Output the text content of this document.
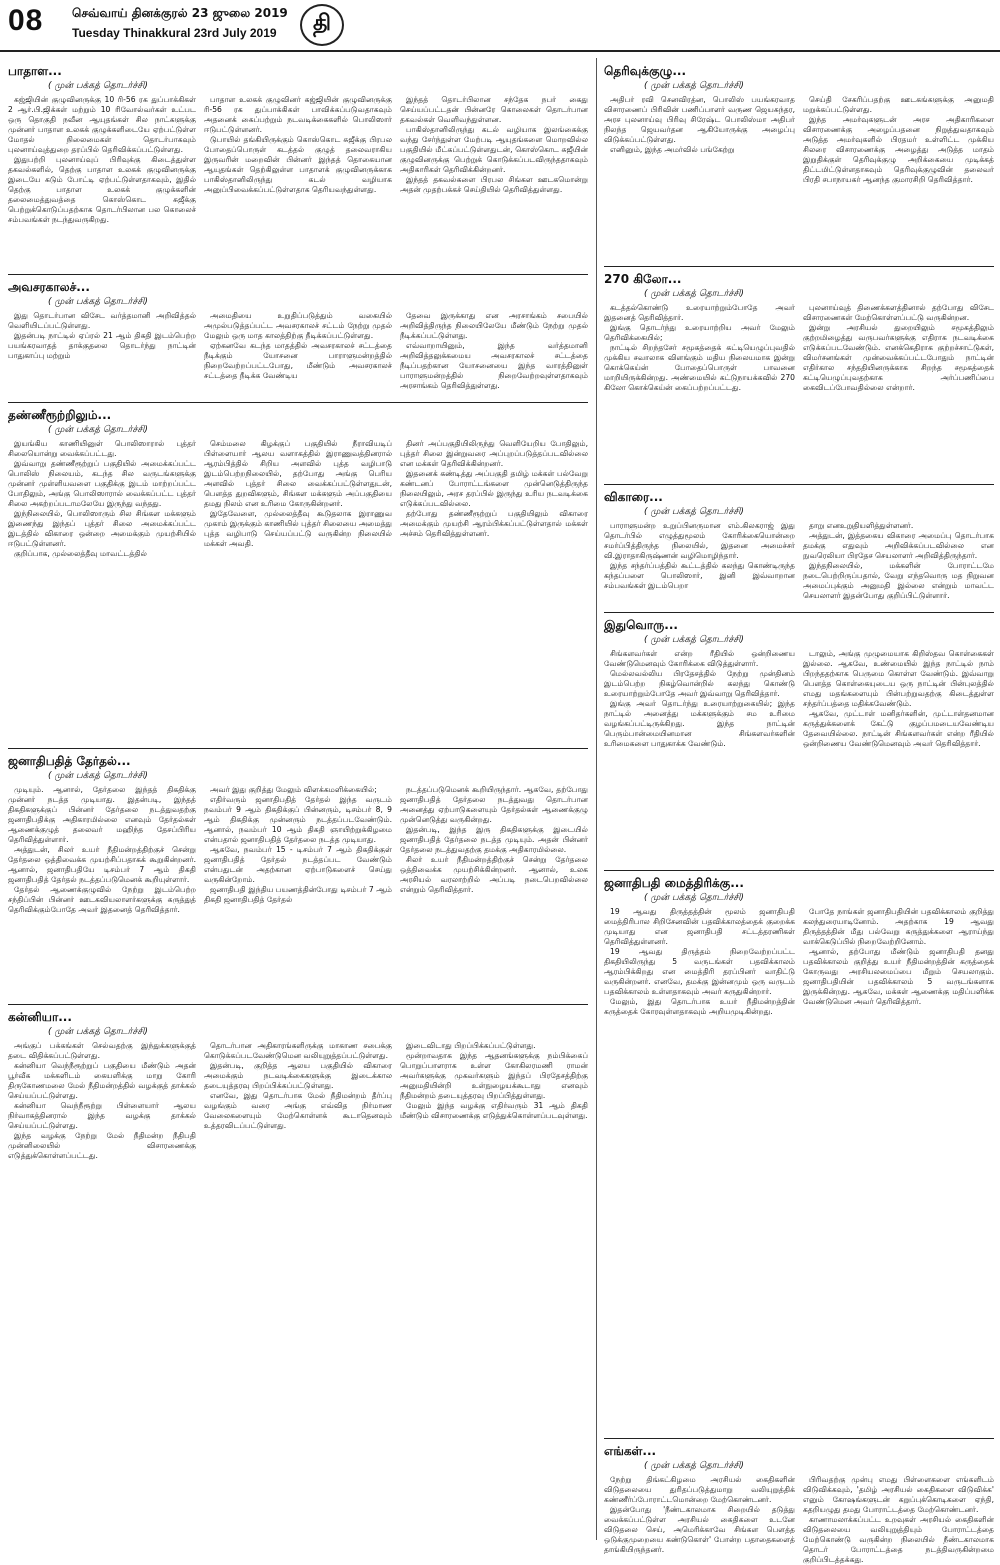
08 செவ்வாய் தினக்குரல் 23 ஜுலை 2019
Tuesday Thinakkural 23rd July 2019 தி
பாதாள...
( முன் பக்கத் தொடர்ச்சி)

கஜ்ஜியின் குழுவினருக்கு 10 ரி-56 ரக துப்பாக்கிகள் 2 ஆர்.பி.ஜிக்கள் மற்றும் 10 ரிவோல்வர்கள் உட்பட ஒரு தொகுதி நவீன ஆயுதங்கள் சில நாட்களுக்கு முன்னர் பாதாள உலகக் குழுக்களிடையே ஏற்பட்டுள்ள மோதல் நிலைமைகள் தொடர்பாகவும் புலனாய்வுத்துறை தரப்பில் தெரிவிக்கப்பட்டுள்ளது.

இதுபற்றி புலனாய்வுப் பிரிவுக்கு கிடைத்துள்ள தகவல்களில், தெற்கு பாதாள உலகக் குழுவினருக்கு இடையே கடும் போட்டி ஏற்பட்டுள்ளதாகவும், இதில் தெற்கு பாதாள உலகக் குழுக்களின் தலைமைத்துவத்தை கொஸ்கொட சுஜீக்கு பெற்றுக்கொடுப்பதற்காக தொடர்பிலான பல கொலைச் சம்பவங்கள் நடந்துவருகிறது.

பாதாள உலகக் குழுவினர் கஜ்ஜியின் குழுவினருக்கு ரி-56 ரக துப்பாக்கிகள் பாவிக்கப்படுவதாகவும் அதனைக் கைப்பற்றும் நடவடிக்கைகளில் பொலிஸார் ஈடுபட்டுள்ளனர்.

டுபாயில் தங்கியிருக்கும் கொஸ்கொட சுஜீக்கு பிரபல போதைப்பொருள் கடத்தல் குழுத் தலைவராகிய இருவரின் மறைவின் பின்னர் இந்தத் தொகையான ஆயுதங்கள் தெற்கிலுள்ள பாதாளக் குழுவினருக்காக பாகிஸ்தானிலிருந்து கடல் வழியாக அனுப்பிவைக்கப்பட்டுள்ளதாக தெரியவந்துள்ளது.

இந்தத் தொடர்பிலான சந்தேக நபர் கைது செய்யப்பட்டதன் பின்னரே கொலைகள் தொடர்பான தகவல்கள் வெளிவந்துள்ளன.

பாகிஸ்தானிலிருந்து கடல் வழியாக இலங்கைக்கு வந்து சேர்ந்துள்ள மேற்படி ஆயுதங்களை மொறவில்ல பகுதியில் மீட்கப்பட்டுள்ளதுடன், கொஸ்கொட சுஜீயின் குழுவினருக்கு பெற்றுக் கொடுக்கப்படவிருந்ததாகவும் அதிகாரிகள் தெரிவிக்கின்றனர்.

இந்தத் தகவல்களை பிரபல சிங்கள ஊடகமொன்று அதன் முதற்பக்கச் செய்தியில் தெரிவித்துள்ளது.

அவசரகாலச்...
( முன் பக்கத் தொடர்ச்சி)

இது தொடர்பான விசேட வர்த்தமானி அறிவித்தல் வெளியிடப்பட்டுள்ளது.

இதன்படி நாட்டில் ஏப்ரல் 21 ஆம் திகதி இடம்பெற்ற பயங்கரவாதத் தாக்குதலை தொடர்ந்து நாட்டின் பாதுகாப்பு மற்றும்

அமைதியை உறுதிப்படுத்தும் வகையில் அமுல்படுத்தப்பட்ட அவசரகாலச் சட்டம் நேற்று முதல் மேலும் ஒரு மாத காலத்திற்கு நீடிக்கப்பட்டுள்ளது.

ஏற்கனவே கடந்த மாதத்தில் அவசரகாலச் சட்டத்தை நீடிக்கும் யோசனை பாராளுமன்றத்தில் நிறைவேற்றப்பட்டபோது, மீண்டும் அவசரகாலச் சட்டத்தை நீடிக்க வேண்டிய

தேவை இருக்காது என அரசாங்கம் சபையில் அறிவித்திருந்த நிலையிலேயே மீண்டும் நேற்று முதல் நீடிக்கப்பட்டுள்ளது.

எவ்வாறாயினும், இந்த வர்த்தமானி அறிவித்தலுக்கமைய அவசரகாலச் சட்டத்தை நீடிப்பதற்கான யோசனையை இந்த வாரத்தினுள் பாராளுமன்றத்தில் நிறைவேற்றவுள்ளதாகவும் அரசாங்கம் தெரிவித்துள்ளது.

தண்ணீரூற்றிலும்...
( முன் பக்கத் தொடர்ச்சி)

இயங்கிய காணியினுள் பொலிஸாரால் புத்தர் சிலையொன்று வைக்கப்பட்டது.

இவ்வாறு தண்ணீரூற்றுப் பகுதியில் அமைக்கப்பட்ட பொலிஸ் நிலையம், கடந்த சில வருடங்களுக்கு முன்னர் முள்ளியவளை பகுதிக்கு இடம் மாற்றப்பட்ட போதிலும், அங்கு பொலிஸாரால் வைக்கப்பட்ட புத்தர் சிலை அகற்றப்படாமலேயே இருந்து வந்தது.

இந்நிலையில், பொலிஸாரும் சில சிங்கள மக்களும் இணைந்து இந்தப் புத்தர் சிலை அமைக்கப்பட்ட இடத்தில் விகாரை ஒன்றை அமைக்கும் முயற்சியில் ஈடுபட்டுள்ளனர்.

குறிப்பாக, முல்லைத்தீவு மாவட்டத்தில்

செம்மலை கிழக்குப் பகுதியில் நீராவியடிப் பிள்ளையார் ஆலய வளாகத்தில் இராணுவத்தினரால் ஆரம்பித்தில் சிறிய அளவில் புத்த வழிபாடு இடம்பெற்றநிலையில், தற்போது அங்கு பெரிய அளவில் புத்தர் சிலை வைக்கப்பட்டுள்ளதுடன், பௌத்த துறவிகளும், சிங்கள மக்களும் அப்பகுதியை தமது நிலம் என உரிமை கோருகின்றனர்.

இதேவேளை, முல்லைத்தீவு கூடுதலாக இராணுவ முகாம் இருக்கும் காணியில் புத்தர் சிலையை அமைத்து புத்த வழிபாடு செய்யப்பட்டு வருகின்ற நிலையில் மக்கள் அவதி.

தினர் அப்பகுதியிலிருந்து வெளியேறிய போதிலும், புத்தர் சிலை இன்றுவரை அப்புறப்படுத்தப்படவில்லை என மக்கள் தெரிவிக்கின்றனர்.

இதனைக் கண்டித்து அப்பகுதி தமிழ் மக்கள் பல்வேறு கண்டனப் போராட்டங்களை முன்னெடுத்திருந்த நிலையிலும், அரச தரப்பில் இருந்து உரிய நடவடிக்கை எடுக்கப்படவில்லை.

தற்போது தண்ணீரூற்றுப் பகுதியிலும் விகாரை அமைக்கும் முயற்சி ஆரம்பிக்கப்பட்டுள்ளதால் மக்கள் அச்சம் தெரிவித்துள்ளனர்.

ஜனாதிபதித் தேர்தல்...
( முன் பக்கத் தொடர்ச்சி)

முடியும். ஆனால், தேர்தலை இந்தத் திகதிக்கு முன்னர் நடத்த முடியாது. இதன்படி, இந்தத் திகதிகளுக்குப் பின்னர் தேர்தலை நடத்துவதற்கு ஜனாதிபதிக்கு அதிகாரமில்லை எனவும் தேர்தல்கள் ஆணைக்குழுத் தலைவர் மஹிந்த தேசப்பிரிய தெரிவித்துள்ளார்.

அத்துடன், சிலர் உயர் நீதிமன்றத்திற்குச் சென்று தேர்தலை ஒத்திவைக்க முயற்சிப்பதாகக் கூறுகின்றனர். ஆனால், ஜனாதிபதியே டிசம்பர் 7 ஆம் திகதி ஜனாதிபதித் தேர்தல் நடத்தப்படுமெனக் கூறியுள்ளார்.

தேர்தல் ஆணைக்குழுவில் நேற்று இடம்பெற்ற சந்திப்பின் பின்னர் ஊடகவியலாளர்களுக்கு கருத்துத் தெரிவிக்கும்போதே அவர் இதனைத் தெரிவித்தார்.

அவர் இது குறித்து மேலும் விளக்கமளிக்கையில்;

எதிர்வரும் ஜனாதிபதித் தேர்தல் இந்த வருடம் நவம்பர் 9 ஆம் திகதிக்குப் பின்னரும், டிசம்பர் 8, 9 ஆம் திகதிக்கு முன்னரும் நடத்தப்படவேண்டும். ஆனால், நவம்பர் 10 ஆம் திகதி ஞாயிற்றுக்கிழமை என்பதால் ஜனாதிபதித் தேர்தலை நடத்த முடியாது.

ஆகவே, நவம்பர் 15 - டிசம்பர் 7 ஆம் திகதிக்குள் ஜனாதிபதித் தேர்தல் நடத்தப்பட வேண்டும் என்பதுடன் அதற்கான ஏற்பாடுகளைச் செய்து வருகின்றோம்.

ஜனாதிபதி இந்திய பயணத்தின்போது டிசம்பர் 7 ஆம் திகதி ஜனாதிபதித் தேர்தல்

நடத்தப்படுமெனக் கூறியிருந்தார். ஆகவே, தற்போது ஜனாதிபதித் தேர்தலை நடத்துவது தொடர்பான அனைத்து ஏற்பாடுகளையும் தேர்தல்கள் ஆணைக்குழு முன்னெடுத்து வருகின்றது.

இதன்படி, இந்த இரு திகதிகளுக்கு இடையில் ஜனாதிபதித் தேர்தலை நடத்த முடியும். அதன் பின்னர் தேர்தலை நடத்துவதற்கு தமக்கு அதிகாரமில்லை.

சிலர் உயர் நீதிமன்றத்திற்குச் சென்று தேர்தலை ஒத்திவைக்க முயற்சிக்கின்றனர். ஆனால், உலக அரசியல் வரலாற்றில் அப்படி நடைபெறவில்லை என்றும் தெரிவித்தார்.

கன்னியா...
( முன் பக்கத் தொடர்ச்சி)

அங்குப் பக்கங்கள் செல்வதற்கு இந்துக்களுக்குத் தடை விதிக்கப்பட்டுள்ளது.

கன்னியா வெந்நீரூற்றுப் பகுதியை மீண்டும் அதன் பூர்வீக மக்களிடம் கையளிக்கு மாறு கோரி திருகோணமலை மேல் நீதிமன்றத்தில் வழக்குத் தாக்கல் செய்யப்பட்டுள்ளது.

கன்னியா வெந்நீரூற்று பிள்ளையார் ஆலய நிர்வாகத்தினரால் இந்த வழக்கு தாக்கல் செய்யப்பட்டுள்ளது.

இந்த வழக்கு நேற்று மேல் நீதிமன்ற நீதிபதி முன்னிலையில் விசாரணைக்கு எடுத்துக்கொள்ளப்பட்டது.

தொடர்பான அதிகாரங்களிருக்கு மாகாண சபைக்கு கொடுக்கப்படவேண்டுமென வலியுறுத்தப்பட்டுள்ளது.

இதன்படி, குறித்த ஆலய பகுதியில் விகாரை அமைக்கும் நடவடிக்கைகளுக்கு இடைக்கால தடையுத்தரவு பிறப்பிக்கப்பட்டுள்ளது.

எனவே, இது தொடர்பாக மேல் நீதிமன்றம் தீர்ப்பு வழங்கும் வரை அங்கு எவ்வித நிர்மாண வேலைகளையும் மேற்கொள்ளக் கூடாதெனவும் உத்தரவிடப்பட்டுள்ளது.

இடைவிடாது பிறப்பிக்கப்பட்டுள்ளது.

மூன்றாவதாக இந்த ஆதனங்களுக்கு நம்பிக்கைப் பொறுப்பாளராக உள்ள கோகிலரமணி ராமன் அவர்களுக்கு முகவர்களும் இந்தப் பிரதேசத்திற்கு அனுமதியின்றி உள்நுழையக்கூடாது எனவும் நீதிமன்றம் தடையுத்தரவு பிறப்பித்துள்ளது.

மேலும் இந்த வழக்கு எதிர்வரும் 31 ஆம் திகதி மீண்டும் விசாரணைக்கு எடுத்துக்கொள்ளப்படவுள்ளது.

தெரிவுக்குழு...
( முன் பக்கத் தொடர்ச்சி)

அதிபர் ரவி செனவிரத்ன, பொலிஸ் பயங்கரவாத விசாரணைப் பிரிவின் பணிப்பாளர் வருண ஜெயசுந்தர, அரச புலனாய்வு பிரிவு சிரேஷ்ட பொலிஸ்மா அதிபர் நிலந்த ஜெயவர்தன ஆகியோருக்கு அழைப்பு விடுக்கப்பட்டுள்ளது.

எனினும், இந்த அமர்வில் பங்கேற்று

செய்தி சேகரிப்பதற்கு ஊடகங்களுக்கு அனுமதி மறுக்கப்பட்டுள்ளது.

இந்த அமர்வுகளுடன் அரச அதிகாரிகளை விசாரணைக்கு அழைப்பதனை நிறுத்துவதாகவும் அடுத்த அமர்வுகளில் பிரதமர் உள்ளிட்ட முக்கிய சிலரை விசாரணைக்கு அழைத்து அடுத்த மாதம் இறுதிக்குள் தெரிவுக்குழு அறிக்கையை முடிக்கத் திட்டமிட்டுள்ளதாகவும் தெரிவுக்குழுவின் தலைவர் பிரதி சபாநாயகர் ஆனந்த குமாரசிறி தெரிவித்தார்.

270 கிலோ...
( முன் பக்கத் தொடர்ச்சி)

கடத்தல்கொண்டு உரையாற்றும்போதே அவர் இதனைத் தெரிவித்தார்.

இங்கு தொடர்ந்து உரையாற்றிய அவர் மேலும் தெரிவிக்கையில்;

நாட்டில் சிறந்தசேர் சமூகத்தைக் கட்டியெழுப்புவதில் முக்கிய சவாலாக விளங்கும் மதிய நிலையமாக இன்று கொக்கெய்ன் போதைப்பொருள் பாவனை மாறியிருக்கின்றது. அண்மையில் கட்டுநாயக்கவில் 270 கிலோ கொக்கெய்ன் கைப்பற்றப்பட்டது.

புலனாய்வுத் திணைக்களத்தினால் தற்போது விசேட விசாரணைகள் மேற்கொள்ளப்பட்டு வருகின்றன.

இன்று அரசியல் துறையிலும் சமூகத்திலும் குற்றமிழைத்து வருபவர்களுக்கு எதிராக நடவடிக்கை எடுக்கப்படவேண்டும். எனக்கெதிராக குற்றச்சாட்டுகள், விமர்சனங்கள் முன்வைக்கப்பட்டபோதும் நாட்டின் எதிர்கால சந்ததியினருக்காக சிறந்த சமூகத்தைக் கட்டியெழுப்புவதற்காக அர்ப்பணிப்பை கைவிடப்போவதில்லை என்றார்.

விகாரை...
( முன் பக்கத் தொடர்ச்சி)

பாராளுமன்ற உறுப்பினருமான எம்.கிலகராஜ் இது தொடர்பில் எழுத்துமூலம் கோரிக்கையொன்றை சமர்ப்பித்திருந்த நிலையில், இதனை அமைச்சர் வி.இராதாகிருஷ்ணன் வழிமொழிந்தார்.

இந்த சந்தர்ப்பத்தில் கூட்டத்தில் கலந்து கொண்டிருந்த கந்தப்பளை பொலிஸார், இனி இவ்வாறான சம்பவங்கள் இடம்பெறா

தாறு எனஉறுதியளித்துள்ளனர்.

அத்துடன், இத்தகைய விகாரை அமைப்பு தொடர்பாக தமக்கு எதுவும் அறிவிக்கப்படவில்லை என நுவரெலியா பிரதேச செயலாளர் அறிவித்திருந்தார்.

இந்தநிலையில், மக்களின் போராட்டமே நடைபெற்றிருப்பதால், வேறு எந்தவொரு மத நிறுவன அமைப்புக்கும் அனுமதி இல்லை என்றும் மாவட்ட செயலாளர் இதன்போது குறிப்பிட்டுள்ளார்.

இதுவொரு...
( முன் பக்கத் தொடர்ச்சி)

சிங்களவர்கள் என்ற ரீதியில் ஒன்றிணைய வேண்டுமெனவும் கோரிக்கை விடுத்துள்ளார்.

மெல்லவல்லிய பிரதேசத்தில் நேற்று முன்தினம் இடம்பெற்ற நிகழ்வொன்றில் கலந்து கொண்டு உரையாற்றும்போதே அவர் இவ்வாறு தெரிவித்தார்.

இங்கு அவர் தொடர்ந்து உரையாற்றுகையில்; இந்த நாட்டில் அனைத்து மக்களுக்கும் சம உரிமை வழங்கப்பட்டிருக்கிறது. இந்த நாட்டின் பெரும்பான்மையினமான சிங்களவர்களின் உரிமைகளை பாதுகாக்க வேண்டும்.

டாலும், அங்கு முழுமையாக கிறிஸ்தவ கொள்கைகள் இல்லை. ஆகவே, உண்மையில் இந்த நாட்டில் நாம் பிறந்ததற்காக பெருமை கொள்ள வேண்டும். இவ்வாறு பௌத்த கொள்கையுடைய ஒரு நாட்டின் பின்புலத்தில் எமது மதங்களையும் பின்பற்றுவதற்கு கிடைத்துள்ள சந்தர்ப்பத்தை மதிக்கவேண்டும்.

ஆகவே, முட்டாள் மனிதர்களின், முட்டாள்தனமான கருத்துக்களைக் கேட்டு குழப்பமடையவேண்டிய தேவையில்லை. நாட்டின் சிங்களவர்கள் என்ற ரீதியில் ஒன்றிணைய வேண்டுமெனவும் அவர் தெரிவித்தார்.

ஜனாதிபதி மைத்திரிக்கு...
( முன் பக்கத் தொடர்ச்சி)

19 ஆவது திருத்தத்தின் மூலம் ஜனாதிபதி மைத்திரிபால சிறிசேனவின் பதவிக்காலத்தைக் குறைக்க முடியாது என ஜனாதிபதி சட்டத்தரணிகள் தெரிவித்துள்ளனர்.

19 ஆவது திருத்தம் நிறைவேற்றப்பட்ட திகதியிலிருந்து 5 வருடங்கள் பதவிக்காலம் ஆரம்பிக்கிறது என மைத்திரி தரப்பினர் வாதிட்டு வருகின்றனர். எனவே, தமக்கு இன்னமும் ஒரு வருடம் பதவிக்காலம் உள்ளதாகவும் அவர் கருதுகின்றார்.

மேலும், இது தொடர்பாக உயர் நீதிமன்றத்தின் கருத்தைக் கோரவுள்ளதாகவும் அறியமுடிகின்றது.

போதே நாங்கள் ஜனாதிபதியின் பதவிக்காலம் குறித்து கலந்துரையாடினோம். அதற்காக 19 ஆவது திருத்தத்தின் மீது பல்வேறு கருத்துக்களை ஆராய்ந்து வாக்கெடுப்பில் நிறைவேற்றினோம்.

ஆனால், தற்போது மீண்டும் ஜனாதிபதி தனது பதவிக்காலம் குறித்து உயர் நீதிமன்றத்தின் கருத்தைக் கோருவது அரசியலமைப்பை மீறும் செயலாகும். ஜனாதிபதியின் பதவிக்காலம் 5 வருடங்களாக இருக்கின்றது. ஆகவே, மக்கள் ஆணைக்கு மதிப்பளிக்க வேண்டுமென அவர் தெரிவித்தார்.

எங்கள்...
( முன் பக்கத் தொடர்ச்சி)

நேற்று திங்கட்கிழமை அரசியல் கைதிகளின் விடுதலையை துரிதப்படுத்துமாறு வலியுறுத்திக் கண்ணீர்ப்போராட்டமொன்றை மேற்கொண்டனர்.

இதன்போது 'நீண்டகாலமாக சிறையில் தடுத்து வைக்கப்பட்டுள்ள அரசியல் கைதிகளை உடனே விடுதலை செய், அமெரிக்காவே சிங்கள பௌத்த ஒடுக்குமுறையை கண்டுகொள்' போன்ற பதாதைகளைத் தாங்கியிருந்தனர்.

பிரிவதற்கு முன்பு எமது பிள்ளைகளை எங்களிடம் விடுவிக்கவும், 'தமிழ் அரசியல் கைதிகளை விடுவிக்க' எனும் கோஷங்களுடன் கறுப்புக்கொடிகளை ஏந்தி, கதறியழுது தமது போராட்டத்தை மேற்கொண்டனர்.

காணாமலாக்கப்பட்ட உறவுகள் அரசியல் கைதிகளின் விடுதலையை வலியுறுத்தியும் போராட்டத்தை மேற்கொண்டு வருகின்ற நிலையில் நீண்டகாலமாக தொடர் போராட்டத்தை நடத்திவருகின்றமை குறிப்பிடத்தக்கது.
